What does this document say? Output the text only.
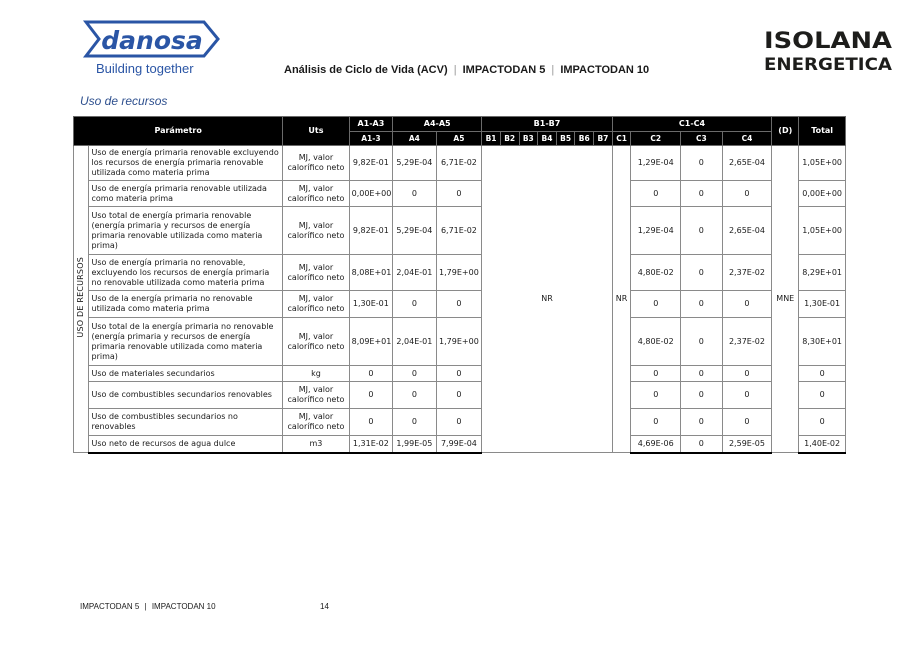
danosa
Building together
ISOLANA
ENERGETICA
Análisis de Ciclo de Vida (ACV) | IMPACTODAN 5 | IMPACTODAN 10
Uso de recursos
Parámetro		Uts	A1-A3	A4-A5		B1-B7							C1-C4				(D)	Total
			A1-3	A4	A5	B1	B2	B3	B4	B5	B6	B7	C1	C2	C3	C4		
USO DE RECURSOS	Uso de energía primaria renovable excluyendo los recursos de energía primaria renovable utilizada como materia prima	MJ, valor calorífico neto	9,82E-01	5,29E-04	6,71E-02	NR							NR	1,29E-04	0	2,65E-04	MNE	1,05E+00
	Uso de energía primaria renovable utilizada como materia prima	MJ, valor calorífico neto	0,00E+00	0	0									0	0	0		0,00E+00
	Uso total de energía primaria renovable (energía primaria y recursos de energía primaria renovable utilizada como materia prima)	MJ, valor calorífico neto	9,82E-01	5,29E-04	6,71E-02									1,29E-04	0	2,65E-04		1,05E+00
	Uso de energía primaria no renovable, excluyendo los recursos de energía primaria no renovable utilizada como materia prima	MJ, valor calorífico neto	8,08E+01	2,04E-01	1,79E+00									4,80E-02	0	2,37E-02		8,29E+01
	Uso de la energía primaria no renovable utilizada como materia prima	MJ, valor calorífico neto	1,30E-01	0	0									0	0	0		1,30E-01
	Uso total de la energía primaria no renovable (energía primaria y recursos de energía primaria renovable utilizada como materia prima)	MJ, valor calorífico neto	8,09E+01	2,04E-01	1,79E+00									4,80E-02	0	2,37E-02		8,30E+01
	Uso de materiales secundarios	kg	0	0	0									0	0	0		0
	Uso de combustibles secundarios renovables	MJ, valor calorífico neto	0	0	0									0	0	0		0
	Uso de combustibles secundarios no renovables	MJ, valor calorífico neto	0	0	0									0	0	0		0
	Uso neto de recursos de agua dulce	m3	1,31E-02	1,99E-05	7,99E-04									4,69E-06	0	2,59E-05		1,40E-02
IMPACTODAN 5 | IMPACTODAN 10	14
